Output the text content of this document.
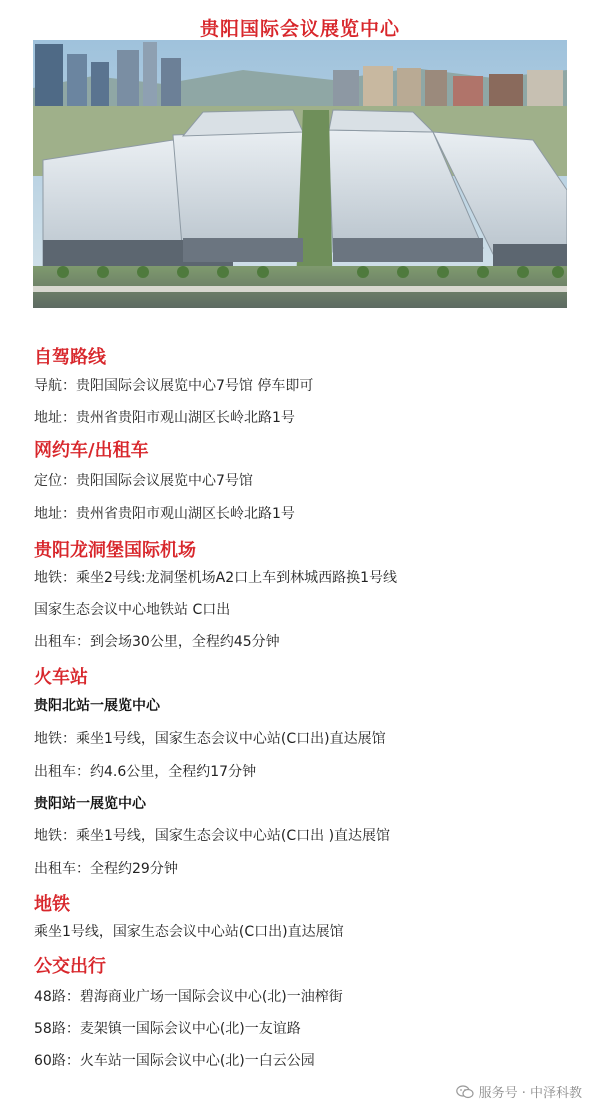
贵阳国际会议展览中心
自驾路线
导航：贵阳国际会议展览中心7号馆 停车即可
地址：贵州省贵阳市观山湖区长岭北路1号
网约车/出租车
定位：贵阳国际会议展览中心7号馆
地址：贵州省贵阳市观山湖区长岭北路1号
贵阳龙洞堡国际机场
地铁：乘坐2号线:龙洞堡机场A2口上车到林城西路换1号线
国家生态会议中心地铁站 C口出
出租车：到会场30公里，全程约45分钟
火车站
贵阳北站一展览中心
地铁：乘坐1号线，国家生态会议中心站(C口出)直达展馆
出租车：约4.6公里，全程约17分钟
贵阳站一展览中心
地铁：乘坐1号线，国家生态会议中心站(C口出 )直达展馆
出租车：全程约29分钟
地铁
乘坐1号线，国家生态会议中心站(C口出)直达展馆
公交出行
48路：碧海商业广场一国际会议中心(北)一油榨街
58路：麦架镇一国际会议中心(北)一友谊路
60路：火车站一国际会议中心(北)一白云公园
服务号 · 中泽科教
